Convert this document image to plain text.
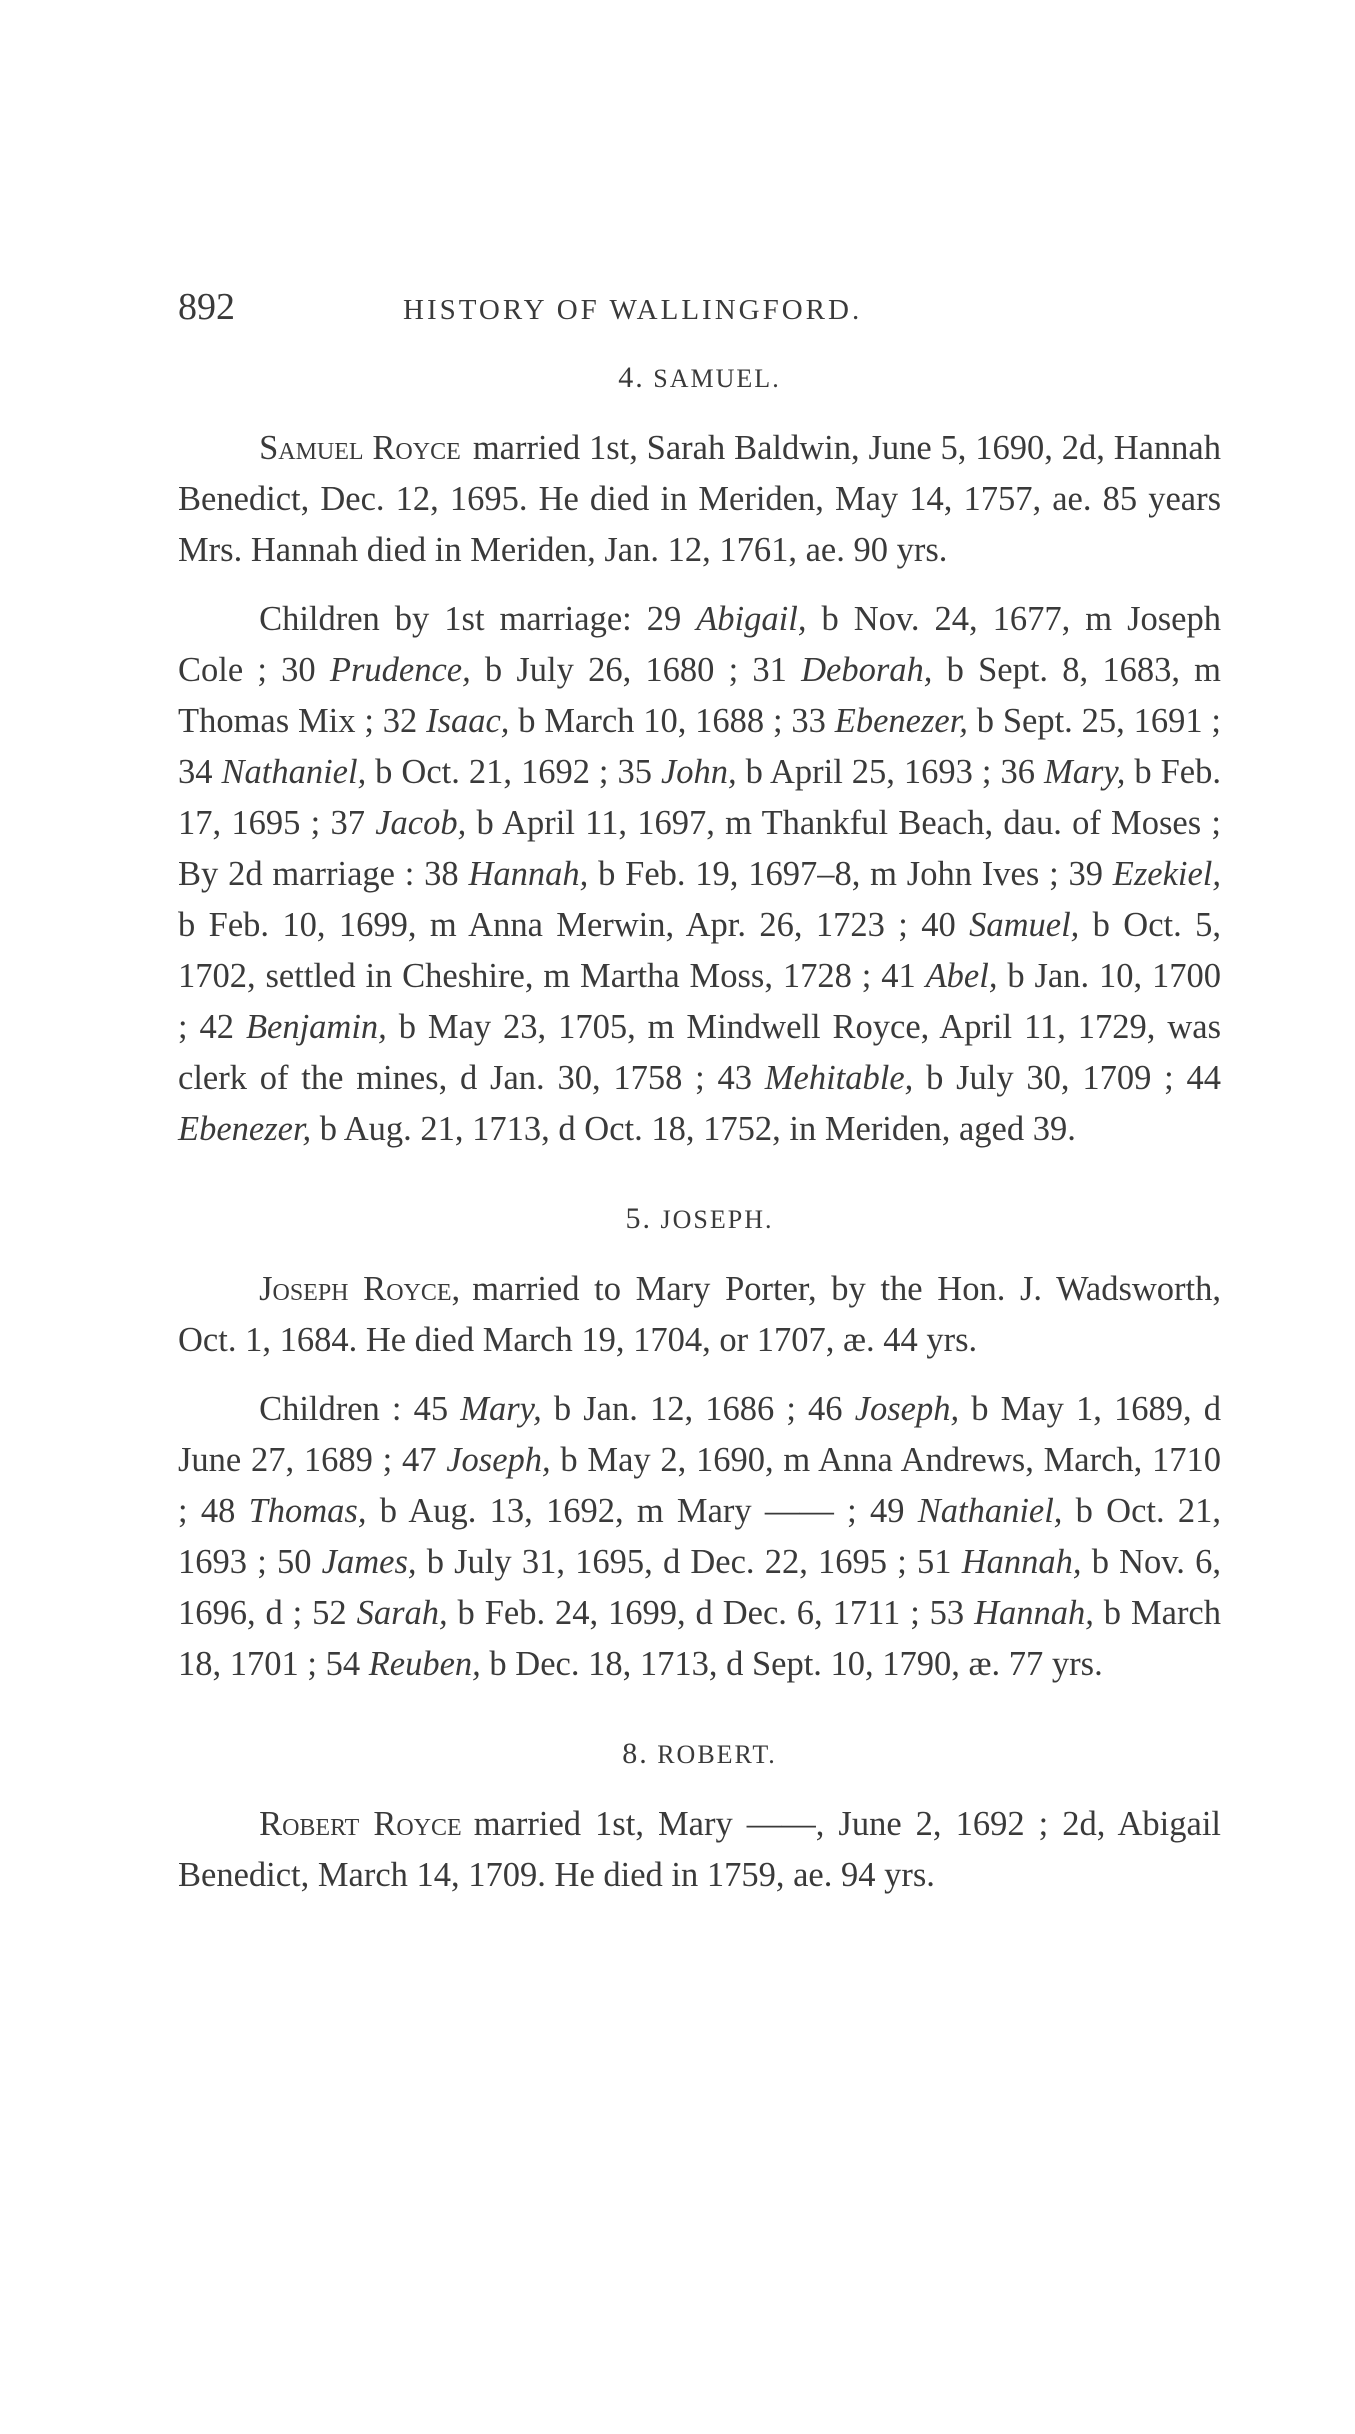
892	HISTORY OF WALLINGFORD.
4. SAMUEL.

Samuel Royce married 1st, Sarah Baldwin, June 5, 1690, 2d, Hannah Benedict, Dec. 12, 1695. He died in Meriden, May 14, 1757, ae. 85 years Mrs. Hannah died in Meriden, Jan. 12, 1761, ae. 90 yrs.

Children by 1st marriage: 29 Abigail, b Nov. 24, 1677, m Joseph Cole ; 30 Prudence, b July 26, 1680 ; 31 Deborah, b Sept. 8, 1683, m Thomas Mix ; 32 Isaac, b March 10, 1688 ; 33 Ebenezer, b Sept. 25, 1691 ; 34 Nathaniel, b Oct. 21, 1692 ; 35 John, b April 25, 1693 ; 36 Mary, b Feb. 17, 1695 ; 37 Jacob, b April 11, 1697, m Thankful Beach, dau. of Moses ; By 2d marriage : 38 Hannah, b Feb. 19, 1697–8, m John Ives ; 39 Ezekiel, b Feb. 10, 1699, m Anna Merwin, Apr. 26, 1723 ; 40 Samuel, b Oct. 5, 1702, settled in Cheshire, m Martha Moss, 1728 ; 41 Abel, b Jan. 10, 1700 ; 42 Benjamin, b May 23, 1705, m Mindwell Royce, April 11, 1729, was clerk of the mines, d Jan. 30, 1758 ; 43 Mehitable, b July 30, 1709 ; 44 Ebenezer, b Aug. 21, 1713, d Oct. 18, 1752, in Meriden, aged 39.

5. JOSEPH.

Joseph Royce, married to Mary Porter, by the Hon. J. Wadsworth, Oct. 1, 1684. He died March 19, 1704, or 1707, æ. 44 yrs.

Children : 45 Mary, b Jan. 12, 1686 ; 46 Joseph, b May 1, 1689, d June 27, 1689 ; 47 Joseph, b May 2, 1690, m Anna Andrews, March, 1710 ; 48 Thomas, b Aug. 13, 1692, m Mary —— ; 49 Nathaniel, b Oct. 21, 1693 ; 50 James, b July 31, 1695, d Dec. 22, 1695 ; 51 Hannah, b Nov. 6, 1696, d ; 52 Sarah, b Feb. 24, 1699, d Dec. 6, 1711 ; 53 Hannah, b March 18, 1701 ; 54 Reuben, b Dec. 18, 1713, d Sept. 10, 1790, æ. 77 yrs.

8. ROBERT.

Robert Royce married 1st, Mary ——, June 2, 1692 ; 2d, Abigail Benedict, March 14, 1709. He died in 1759, ae. 94 yrs.
